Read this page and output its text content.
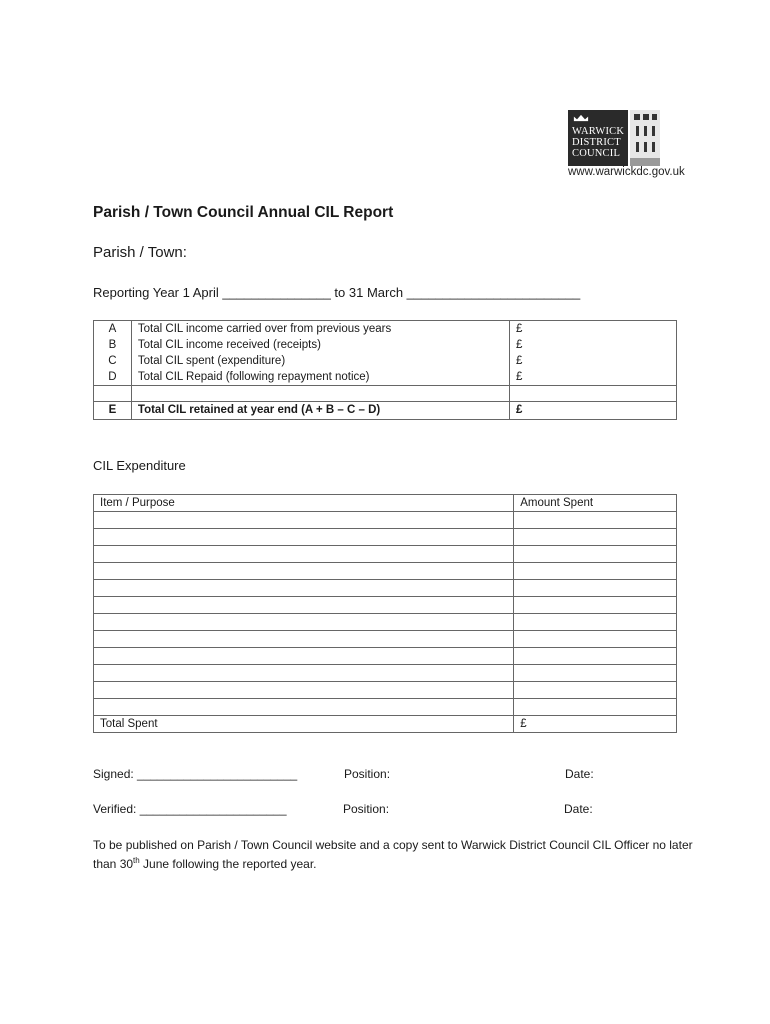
WARWICK
DISTRICT
COUNCIL
www.warwickdc.gov.uk
Parish / Town Council Annual CIL Report
Parish / Town:
Reporting Year 1 April _______________ to 31 March ________________________
A	Total CIL income carried over from previous years	£
B	Total CIL income received (receipts)	£
C	Total CIL spent (expenditure)	£
D	Total CIL Repaid (following repayment notice)	£

E	Total CIL retained at year end (A + B – C – D)	£
CIL Expenditure
Item / Purpose	Amount Spent

Total Spent	£
Signed: ________________________	Position:	Date:
Verified: ______________________	Position:	Date:
To be published on Parish / Town Council website and a copy sent to Warwick District Council CIL Officer no later than 30th June following the reported year.
